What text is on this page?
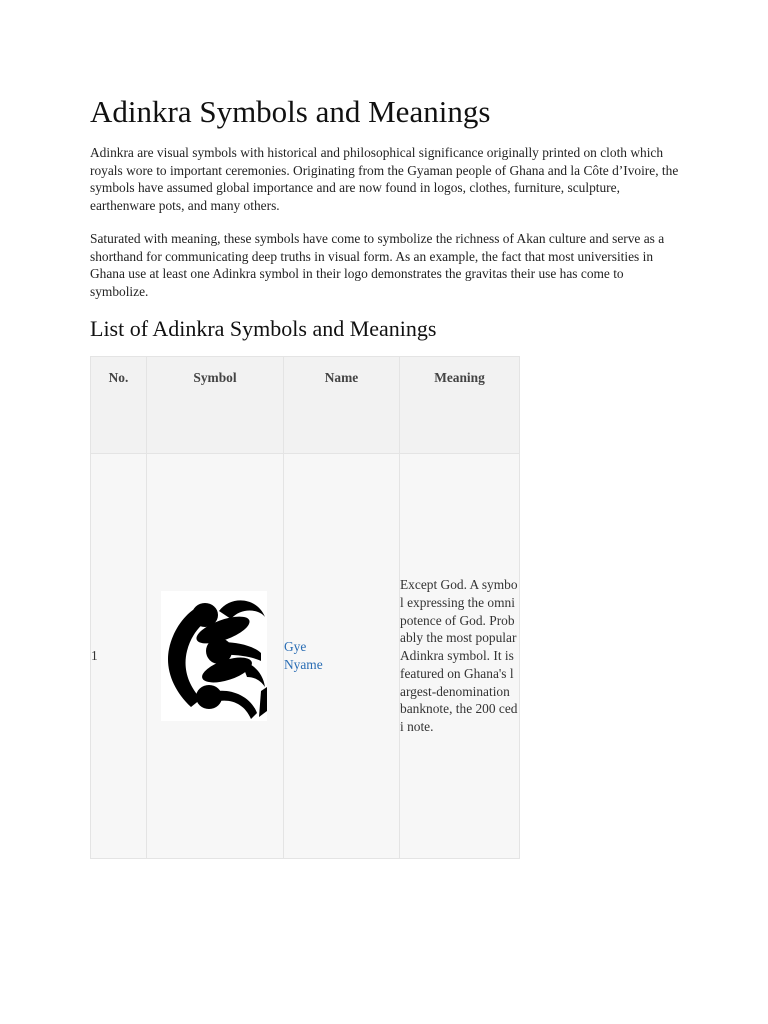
Adinkra Symbols and Meanings

Adinkra are visual symbols with historical and philosophical significance originally printed on cloth which royals wore to important ceremonies. Originating from the Gyaman people of Ghana and la Côte d’Ivoire, the symbols have assumed global importance and are now found in logos, clothes, furniture, sculpture, earthenware pots, and many others.

Saturated with meaning, these symbols have come to symbolize the richness of Akan culture and serve as a shorthand for communicating deep truths in visual form. As an example, the fact that most universities in Ghana use at least one Adinkra symbol in their logo demonstrates the gravitas their use has come to symbolize.

List of Adinkra Symbols and Meanings
No.	Symbol	Name	Meaning
1		Gye Nyame	Except God. A symbol expressing the omnipotence of God. Probably the most popular Adinkra symbol. It is featured on Ghana's largest-denomination banknote, the 200 cedi note.
